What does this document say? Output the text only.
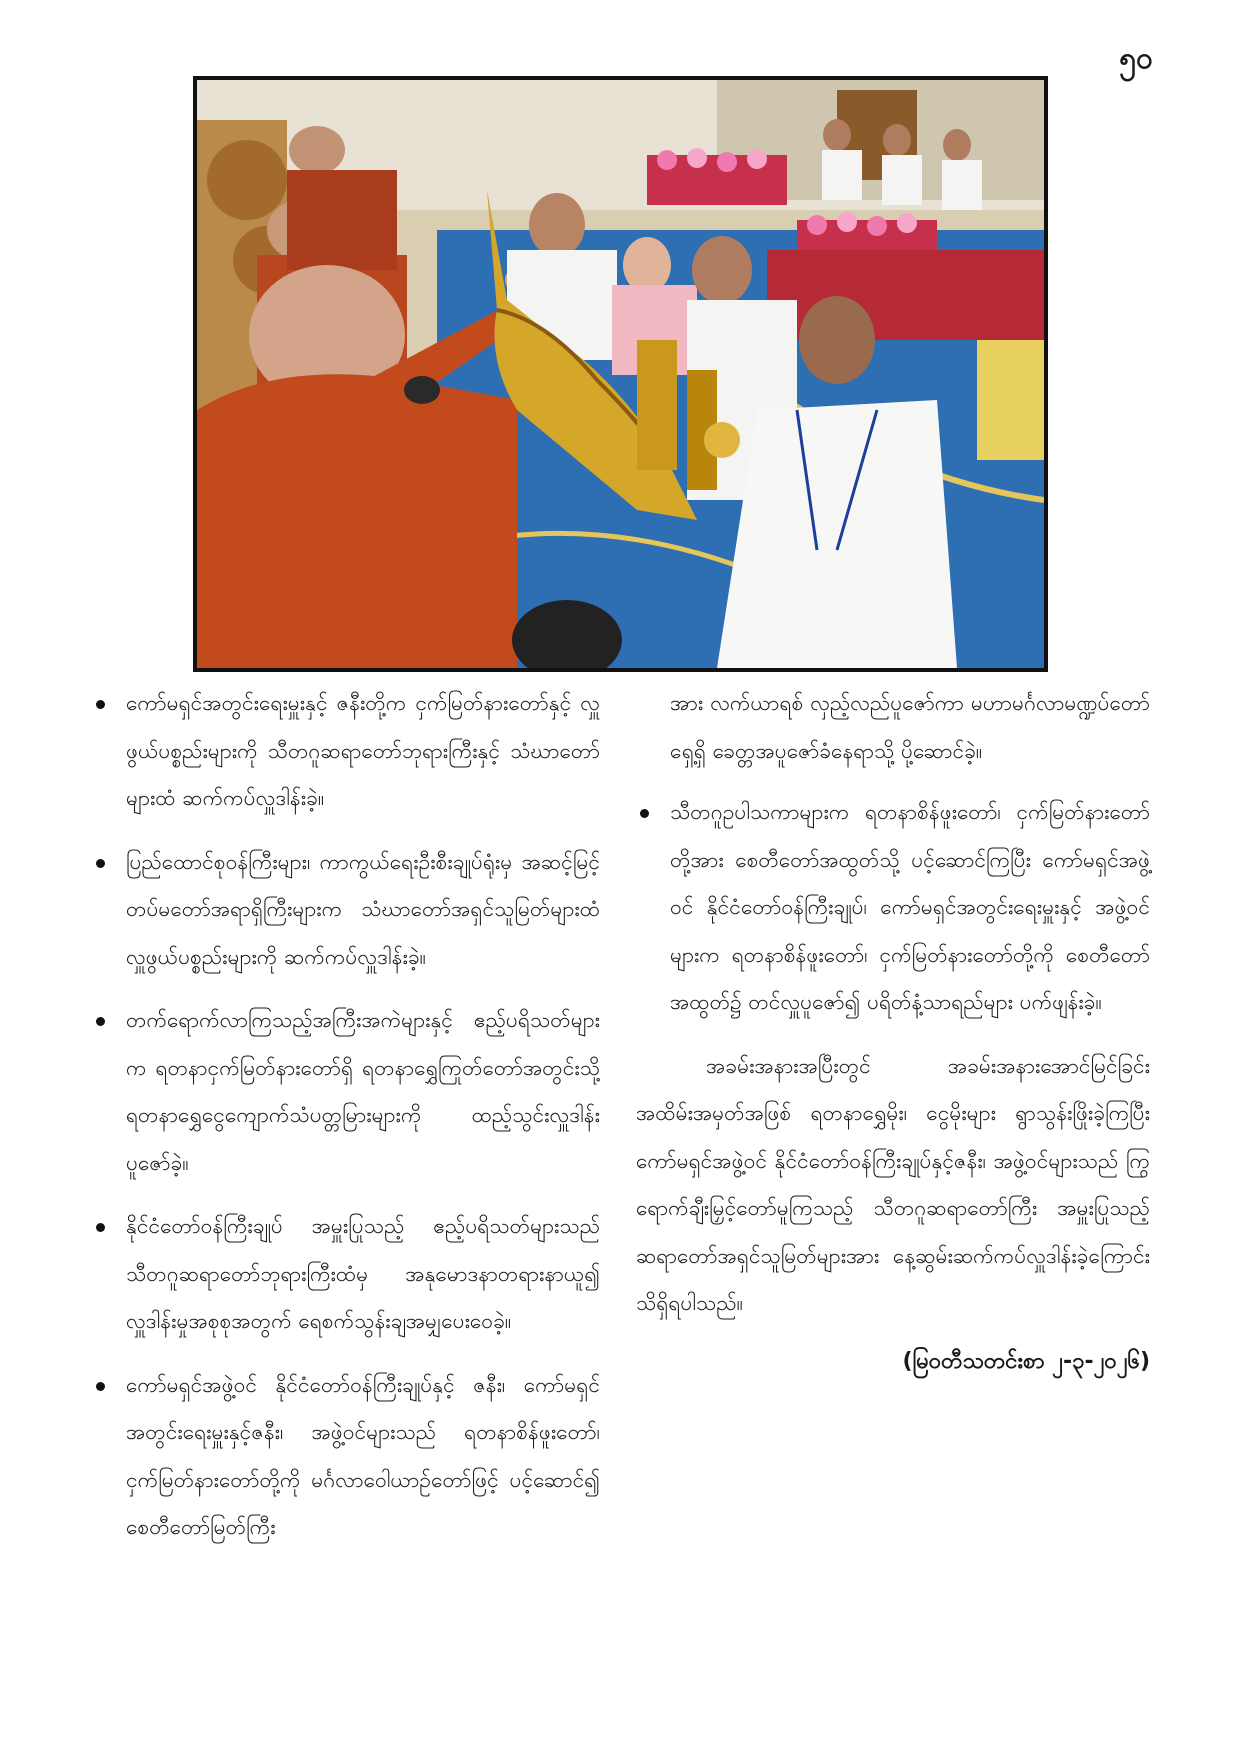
၅၀
ကော်မရှင်အတွင်းရေးမှူးနှင့် ဇနီးတို့က ငှက်မြတ်နားတော်နှင့် လှူဖွယ်ပစ္စည်းများကို သီတဂူဆရာတော်ဘုရားကြီးနှင့် သံဃာတော်များထံ ဆက်ကပ်လှူဒါန်းခဲ့။
ပြည်ထောင်စုဝန်ကြီးများ၊ ကာကွယ်ရေးဦးစီးချုပ်ရုံးမှ အဆင့်မြင့်တပ်မတော်အရာရှိကြီးများက သံဃာတော်အရှင်သူမြတ်များထံ လှူဖွယ်ပစ္စည်းများကို ဆက်ကပ်လှူဒါန်းခဲ့။
တက်ရောက်လာကြသည့်အကြီးအကဲများနှင့် ဧည့်ပရိသတ်များက ရတနာငှက်မြတ်နားတော်ရှိ ရတနာရွှေကြုတ်တော်အတွင်းသို့ ရတနာရွှေငွေကျောက်သံပတ္တမြားများကို ထည့်သွင်းလှူဒါန်းပူဇော်ခဲ့။
နိုင်ငံတော်ဝန်ကြီးချုပ် အမှူးပြုသည့် ဧည့်ပရိသတ်များသည် သီတဂူဆရာတော်ဘုရားကြီးထံမှ အနုမောဒနာတရားနာယူ၍ လှူဒါန်းမှုအစုစုအတွက် ရေစက်သွန်းချအမျှပေးဝေခဲ့။
ကော်မရှင်အဖွဲ့ဝင် နိုင်ငံတော်ဝန်ကြီးချုပ်နှင့် ဇနီး၊ ကော်မရှင်အတွင်းရေးမှူးနှင့်ဇနီး၊ အဖွဲ့ဝင်များသည် ရတနာစိန်ဖူးတော်၊ ငှက်မြတ်နားတော်တို့ကို မင်္ဂလာဝေါယာဉ်တော်ဖြင့် ပင့်ဆောင်၍ စေတီတော်မြတ်ကြီး

အား လက်ယာရစ် လှည့်လည်ပူဇော်ကာ မဟာမင်္ဂလာမဏ္ဍပ်တော်ရှေ့ရှိ ခေတ္တအပူဇော်ခံနေရာသို့ ပို့ဆောင်ခဲ့။

သီတဂူဥပါသကာများက ရတနာစိန်ဖူးတော်၊ ငှက်မြတ်နားတော်တို့အား စေတီတော်အထွတ်သို့ ပင့်ဆောင်ကြပြီး ကော်မရှင်အဖွဲ့ဝင် နိုင်ငံတော်ဝန်ကြီးချုပ်၊ ကော်မရှင်အတွင်းရေးမှူးနှင့် အဖွဲ့ဝင်များက ရတနာစိန်ဖူးတော်၊ ငှက်မြတ်နားတော်တို့ကို စေတီတော်အထွတ်၌ တင်လှူပူဇော်၍ ပရိတ်နံ့သာရည်များ ပက်ဖျန်းခဲ့။

အခမ်းအနားအပြီးတွင် အခမ်းအနားအောင်မြင်ခြင်း အထိမ်းအမှတ်အဖြစ် ရတနာရွှေမိုး၊ ငွေမိုးများ ရွာသွန်းဖြိုးခဲ့ကြပြီး ကော်မရှင်အဖွဲ့ဝင် နိုင်ငံတော်ဝန်ကြီးချုပ်နှင့်ဇနီး၊ အဖွဲ့ဝင်များသည် ကြွရောက်ချီးမြှင့်တော်မူကြသည့် သီတဂူဆရာတော်ကြီး အမှူးပြုသည့် ဆရာတော်အရှင်သူမြတ်များအား နေ့ဆွမ်းဆက်ကပ်လှူဒါန်းခဲ့ကြောင်း သိရှိရပါသည်။

(မြဝတီသတင်းစာ ၂-၃-၂၀၂၆)
